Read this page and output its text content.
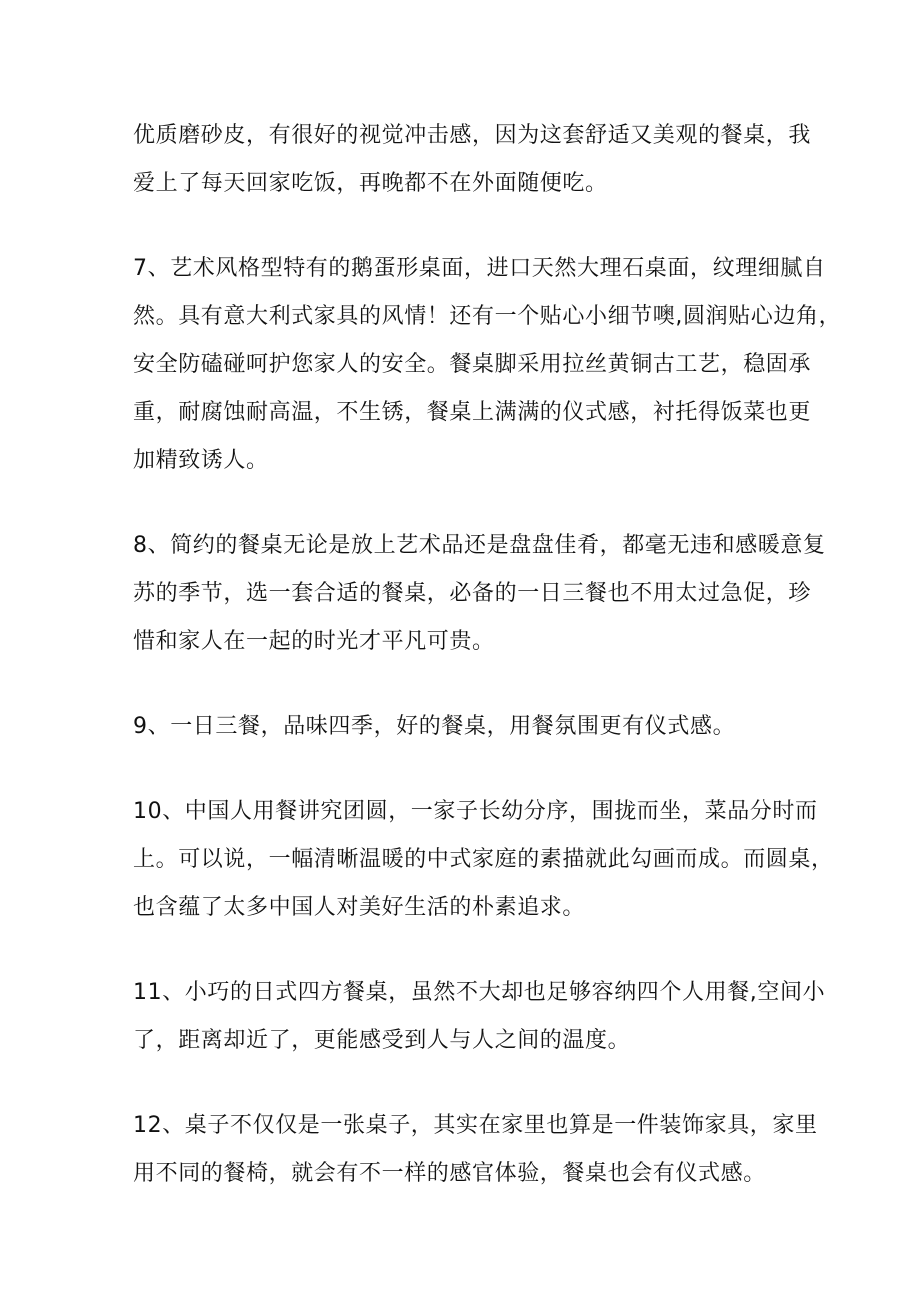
优质磨砂皮，有很好的视觉冲击感，因为这套舒适又美观的餐桌，我
爱上了每天回家吃饭，再晚都不在外面随便吃。

7、艺术风格型特有的鹅蛋形桌面，进口天然大理石桌面，纹理细腻自
然。具有意大利式家具的风情！还有一个贴心小细节噢,圆润贴心边角，
安全防磕碰呵护您家人的安全。餐桌脚采用拉丝黄铜古工艺，稳固承
重，耐腐蚀耐高温，不生锈，餐桌上满满的仪式感，衬托得饭菜也更
加精致诱人。

8、简约的餐桌无论是放上艺术品还是盘盘佳肴，都毫无违和感暖意复
苏的季节，选一套合适的餐桌，必备的一日三餐也不用太过急促，珍
惜和家人在一起的时光才平凡可贵。

9、一日三餐，品味四季，好的餐桌，用餐氛围更有仪式感。

10、中国人用餐讲究团圆，一家子长幼分序，围拢而坐，菜品分时而
上。可以说，一幅清晰温暖的中式家庭的素描就此勾画而成。而圆桌，
也含蕴了太多中国人对美好生活的朴素追求。

11、小巧的日式四方餐桌，虽然不大却也足够容纳四个人用餐,空间小
了，距离却近了，更能感受到人与人之间的温度。

12、桌子不仅仅是一张桌子，其实在家里也算是一件装饰家具，家里
用不同的餐椅，就会有不一样的感官体验，餐桌也会有仪式感。
